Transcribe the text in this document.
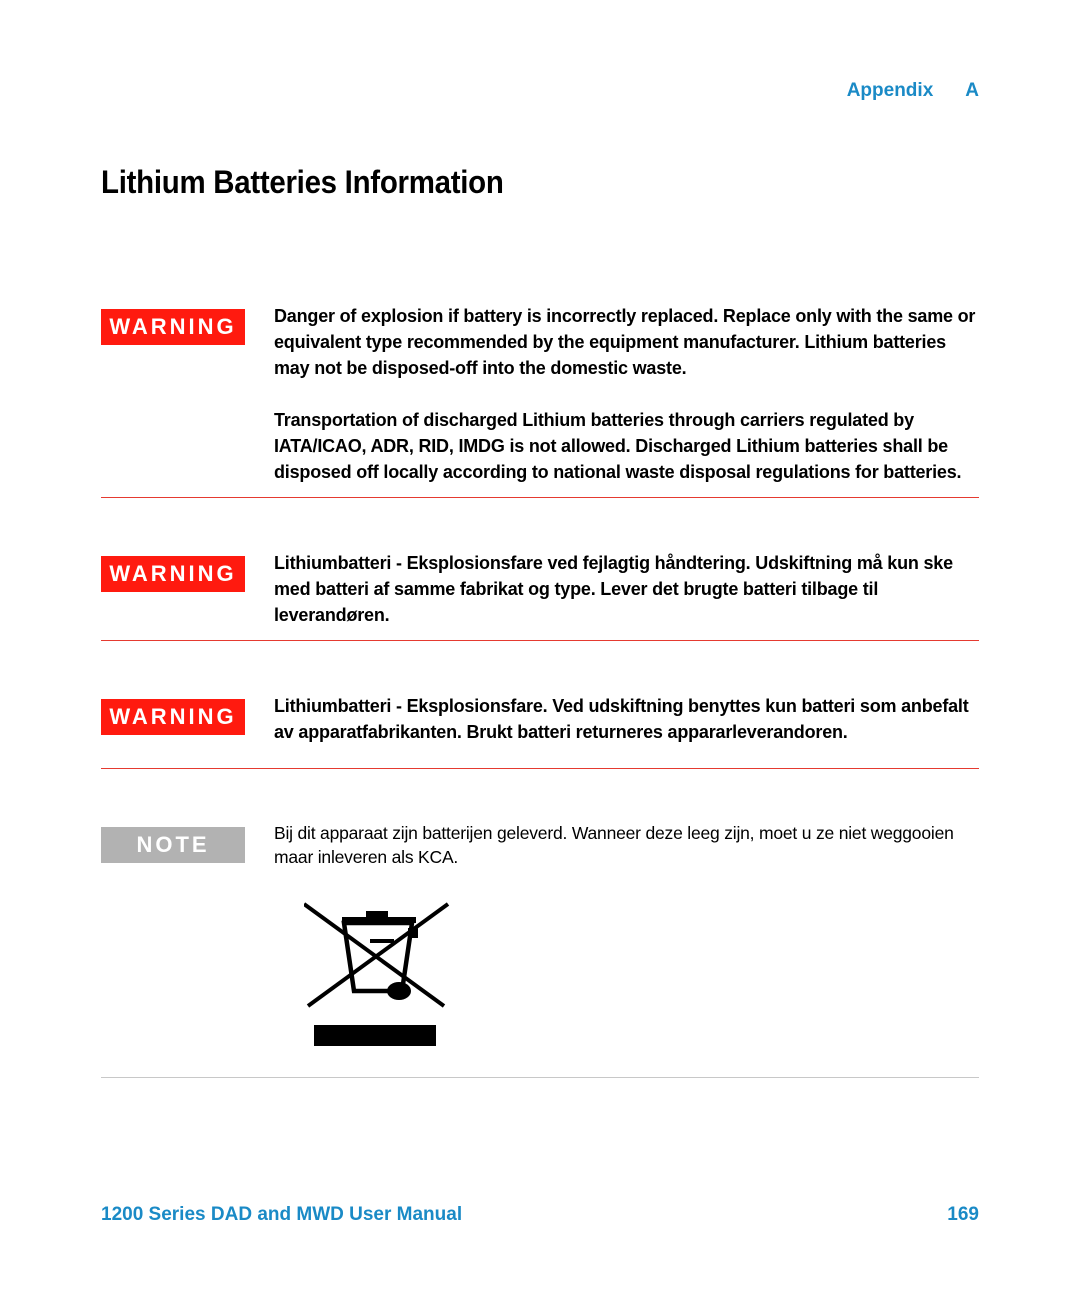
Appendix A
Lithium Batteries Information
WARNING	Danger of explosion if battery is incorrectly replaced. Replace only with the same or equivalent type recommended by the equipment manufacturer. Lithium batteries may not be disposed-off into the domestic waste.

Transportation of discharged Lithium batteries through carriers regulated by IATA/ICAO, ADR, RID, IMDG is not allowed. Discharged Lithium batteries shall be disposed off locally according to national waste disposal regulations for batteries.

WARNING	Lithiumbatteri - Eksplosionsfare ved fejlagtig håndtering. Udskiftning må kun ske med batteri af samme fabrikat og type. Lever det brugte batteri tilbage til leverandøren.

WARNING	Lithiumbatteri - Eksplosionsfare. Ved udskiftning benyttes kun batteri som anbefalt av apparatfabrikanten. Brukt batteri returneres appararleverandoren.

NOTE	Bij dit apparaat zijn batterijen geleverd. Wanneer deze leeg zijn, moet u ze niet weggooien maar inleveren als KCA.

1200 Series DAD and MWD User Manual	169
